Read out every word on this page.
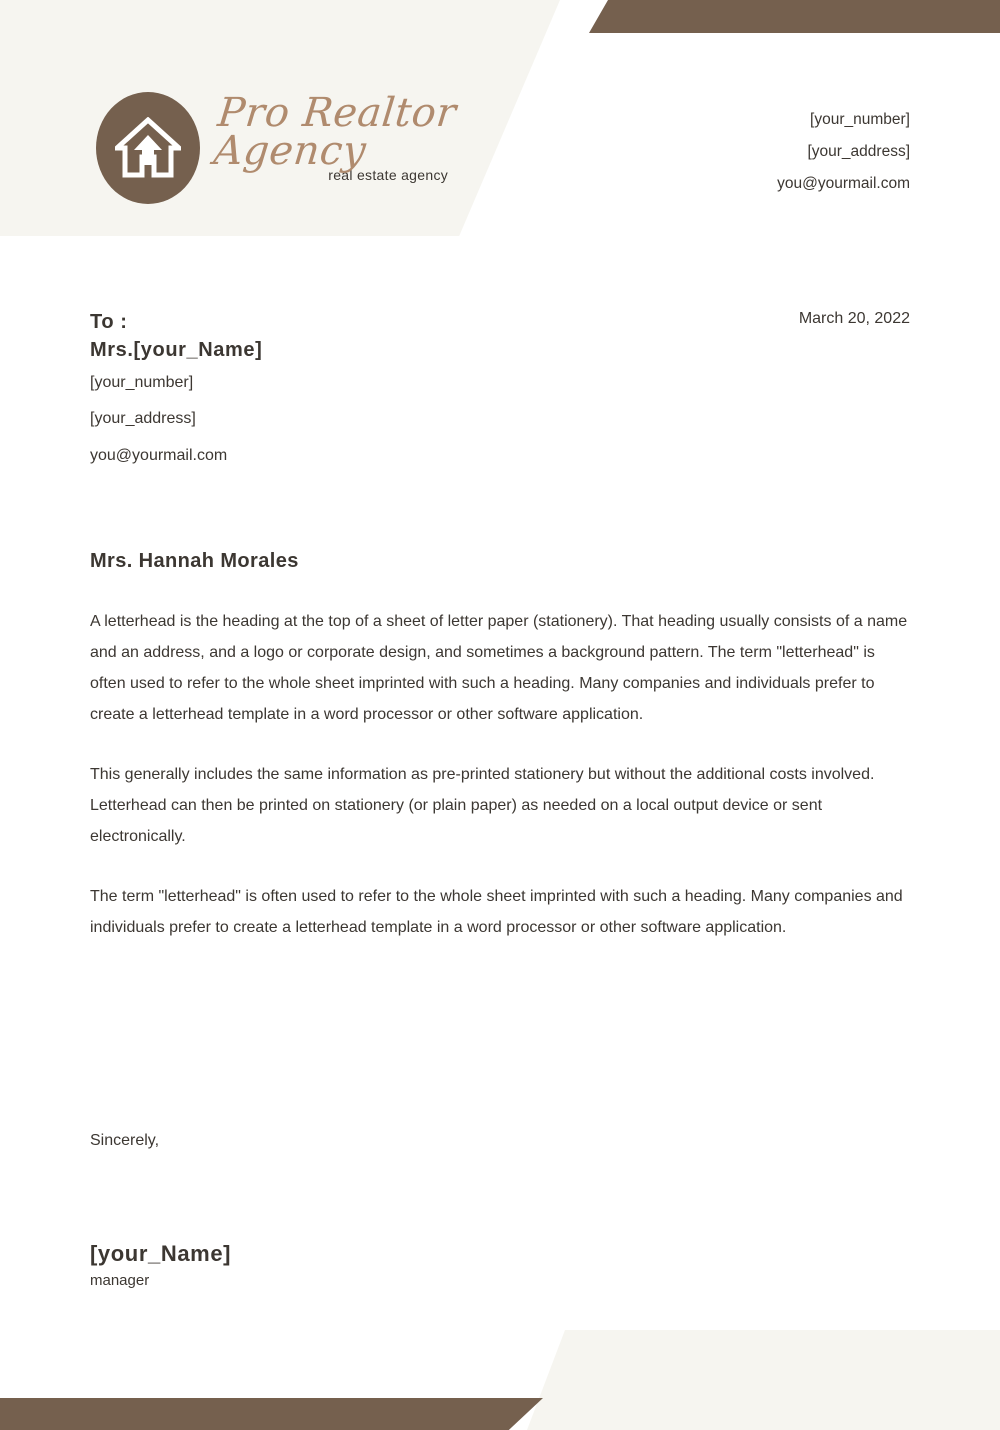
Pro Realtor
Agency
real estate agency
[your_number]
[your_address]
you@yourmail.com
March 20, 2022
To :
Mrs.[your_Name]
[your_number]
[your_address]
you@yourmail.com
Mrs. Hannah Morales

A letterhead is the heading at the top of a sheet of letter paper (stationery). That heading usually consists of a name and an address, and a logo or corporate design, and sometimes a background pattern. The term "letterhead" is often used to refer to the whole sheet imprinted with such a heading. Many companies and individuals prefer to create a letterhead template in a word processor or other software application.

This generally includes the same information as pre-printed stationery but without the additional costs involved. Letterhead can then be printed on stationery (or plain paper) as needed on a local output device or sent electronically.

The term "letterhead" is often used to refer to the whole sheet imprinted with such a heading. Many companies and individuals prefer to create a letterhead template in a word processor or other software application.

Sincerely,
[your_Name]
manager
